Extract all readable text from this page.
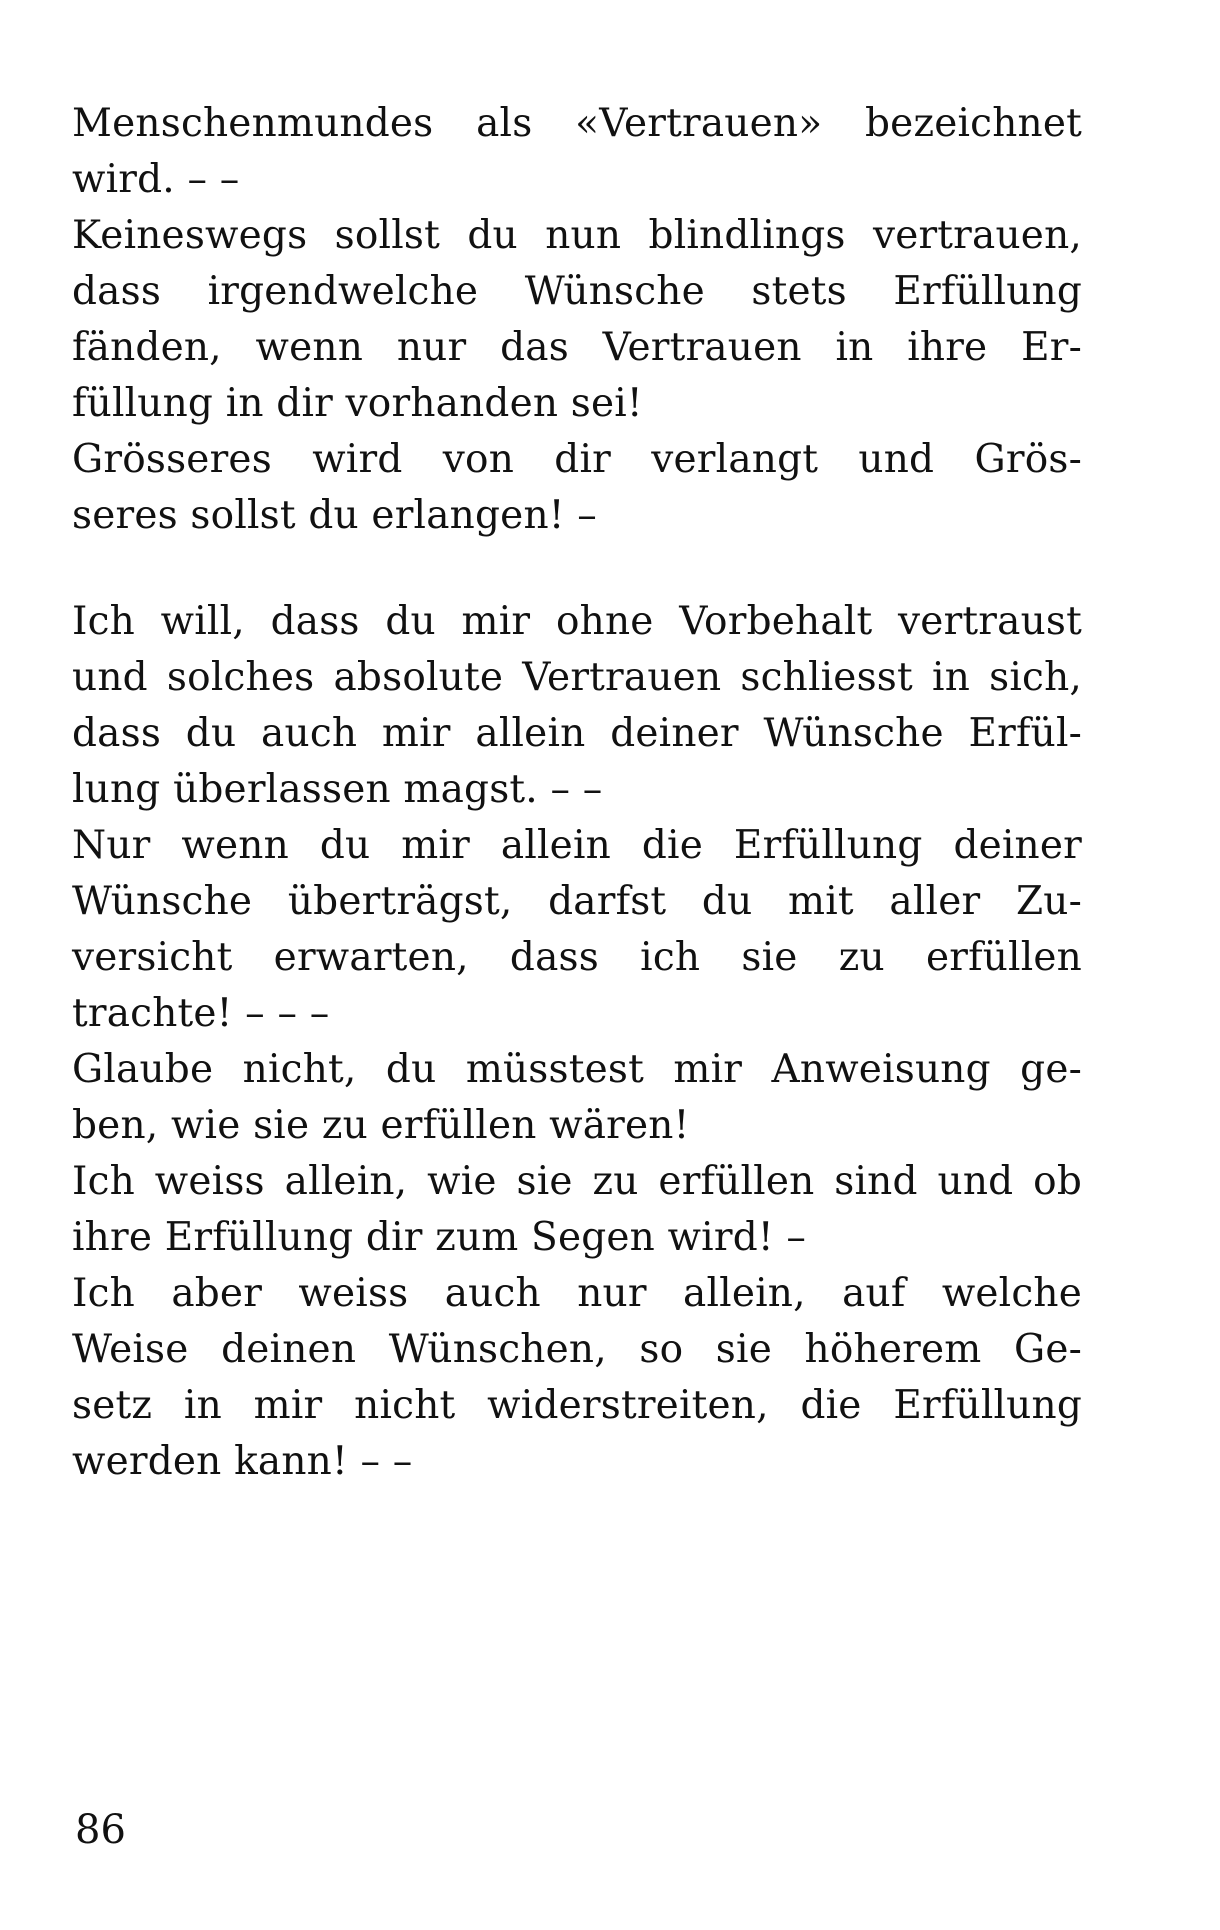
Menschenmundes als «Vertrauen» bezeichnet
wird. – –
Keineswegs sollst du nun blindlings vertrauen,
dass irgendwelche Wünsche stets Erfüllung
fänden, wenn nur das Vertrauen in ihre Er-
füllung in dir vorhanden sei!
Grösseres wird von dir verlangt und Grös-
seres sollst du erlangen! –
Ich will, dass du mir ohne Vorbehalt vertraust
und solches absolute Vertrauen schliesst in sich,
dass du auch mir allein deiner Wünsche Erfül-
lung überlassen magst. – –
Nur wenn du mir allein die Erfüllung deiner
Wünsche überträgst, darfst du mit aller Zu-
versicht erwarten, dass ich sie zu erfüllen
trachte! – – –
Glaube nicht, du müsstest mir Anweisung ge-
ben, wie sie zu erfüllen wären!
Ich weiss allein, wie sie zu erfüllen sind und ob
ihre Erfüllung dir zum Segen wird! –
Ich aber weiss auch nur allein, auf welche
Weise deinen Wünschen, so sie höherem Ge-
setz in mir nicht widerstreiten, die Erfüllung
werden kann! – –
86
